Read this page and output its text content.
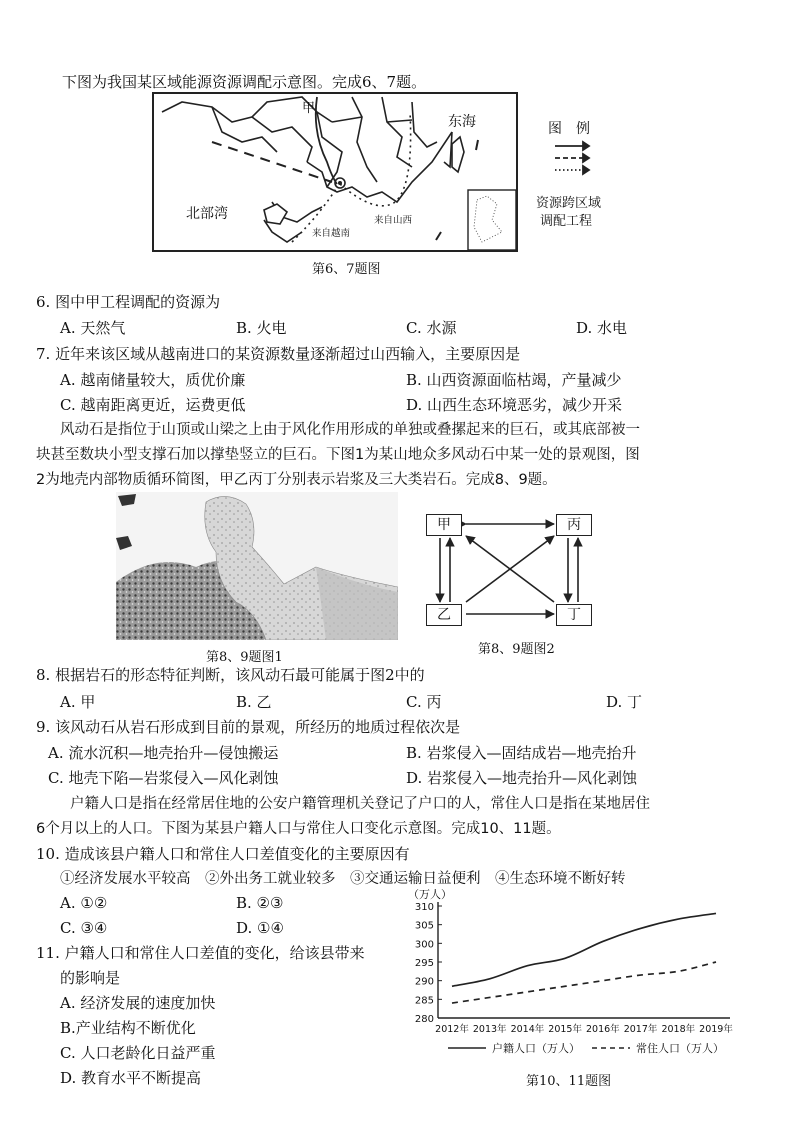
下图为我国某区域能源资源调配示意图。完成6、7题。
甲
东海
北部湾	来自山西
来自越南
图　例
资源跨区域
调配工程
第6、7题图
6. 图中甲工程调配的资源为
A. 天然气	B. 火电	C. 水源	D. 水电
7. 近年来该区域从越南进口的某资源数量逐渐超过山西输入，主要原因是
A. 越南储量较大，质优价廉	B. 山西资源面临枯竭，产量减少
C. 越南距离更近，运费更低	D. 山西生态环境恶劣，减少开采
风动石是指位于山顶或山梁之上由于风化作用形成的单独或叠摞起来的巨石，或其底部被一
块甚至数块小型支撑石加以撑垫竖立的巨石。下图1为某山地众多风动石中某一处的景观图，图
2为地壳内部物质循环简图，甲乙丙丁分别表示岩浆及三大类岩石。完成8、9题。
第8、9题图1
甲	丙
乙	丁
第8、9题图2
8. 根据岩石的形态特征判断，该风动石最可能属于图2中的
A. 甲	B. 乙	C. 丙	D. 丁
9. 该风动石从岩石形成到目前的景观，所经历的地质过程依次是
A. 流水沉积—地壳抬升—侵蚀搬运	B. 岩浆侵入—固结成岩—地壳抬升
C. 地壳下陷—岩浆侵入—风化剥蚀	D. 岩浆侵入—地壳抬升—风化剥蚀
户籍人口是指在经常居住地的公安户籍管理机关登记了户口的人，常住人口是指在某地居住
6个月以上的人口。下图为某县户籍人口与常住人口变化示意图。完成10、11题。
10. 造成该县户籍人口和常住人口差值变化的主要原因有
①经济发展水平较高　②外出务工就业较多　③交通运输日益便利　④生态环境不断好转
A. ①②	B. ②③
C. ③④	D. ①④
11. 户籍人口和常住人口差值的变化，给该县带来
的影响是
A. 经济发展的速度加快
B.产业结构不断优化
C. 人口老龄化日益严重
D. 教育水平不断提高
（万人）
310
305
300
295
290
285
280
2012年 2013年 2014年 2015年 2016年 2017年 2018年 2019年
户籍人口（万人）	常住人口（万人）
第10、11题图
